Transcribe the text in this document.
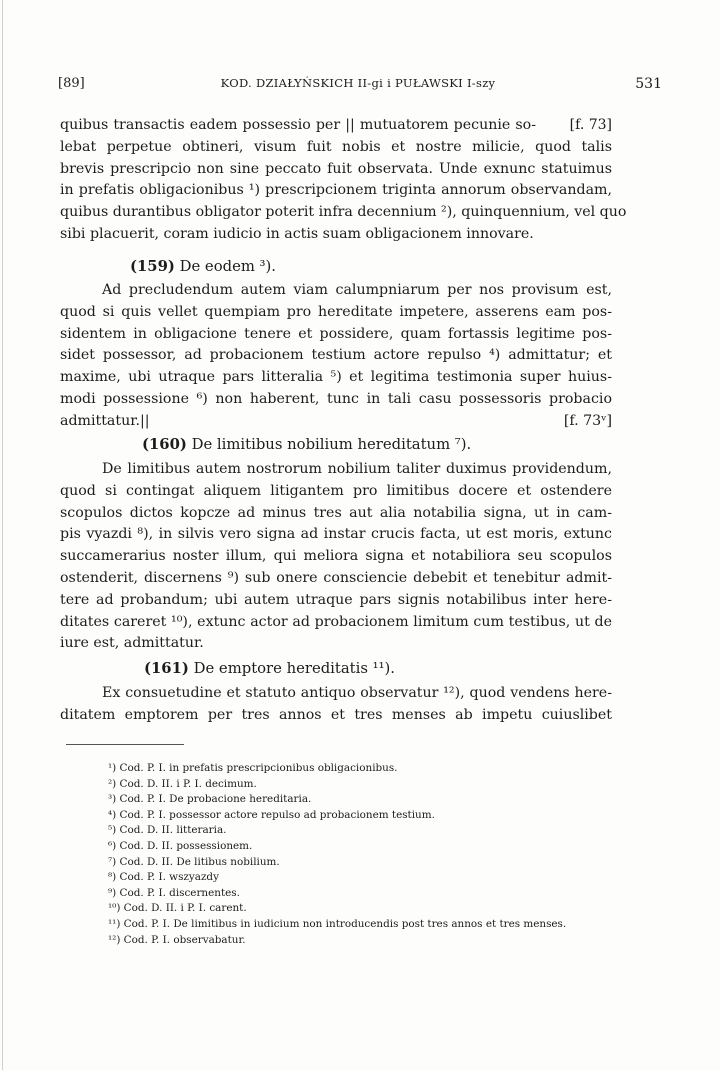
[89]	KOD. DZIAŁYŃSKICH II-gi i PUŁAWSKI I-szy	531
quibus transactis eadem possessio per || mutuatorem pecunie so- [f. 73]
lebat perpetue obtineri, visum fuit nobis et nostre milicie, quod talis
brevis prescripcio non sine peccato fuit observata. Unde exnunc statuimus
in prefatis obligacionibus ¹) prescripcionem triginta annorum observandam,
quibus durantibus obligator poterit infra decennium ²), quinquennium, vel quo
sibi placuerit, coram iudicio in actis suam obligacionem innovare.
(159) De eodem ³).
Ad precludendum autem viam calumpniarum per nos provisum est,
quod si quis vellet quempiam pro hereditate impetere, asserens eam pos-
sidentem in obligacione tenere et possidere, quam fortassis legitime pos-
sidet possessor, ad probacionem testium actore repulso ⁴) admittatur; et
maxime, ubi utraque pars litteralia ⁵) et legitima testimonia super huius-
modi possessione ⁶) non haberent, tunc in tali casu possessoris probacio
admittatur.||	[f. 73ᵛ]
(160) De limitibus nobilium hereditatum ⁷).
De limitibus autem nostrorum nobilium taliter duximus providendum,
quod si contingat aliquem litigantem pro limitibus docere et ostendere
scopulos dictos kopcze ad minus tres aut alia notabilia signa, ut in cam-
pis vyazdi ⁸), in silvis vero signa ad instar crucis facta, ut est moris, extunc
succamerarius noster illum, qui meliora signa et notabiliora seu scopulos
ostenderit, discernens ⁹) sub onere consciencie debebit et tenebitur admit-
tere ad probandum; ubi autem utraque pars signis notabilibus inter here-
ditates careret ¹⁰), extunc actor ad probacionem limitum cum testibus, ut de
iure est, admittatur.
(161) De emptore hereditatis ¹¹).
Ex consuetudine et statuto antiquo observatur ¹²), quod vendens here-
ditatem emptorem per tres annos et tres menses ab impetu cuiuslibet
¹) Cod. P. I. in prefatis prescripcionibus obligacionibus.
²) Cod. D. II. i P. I. decimum.
³) Cod. P. I. De probacione hereditaria.
⁴) Cod. P. I. possessor actore repulso ad probacionem testium.
⁵) Cod. D. II. litteraria.
⁶) Cod. D. II. possessionem.
⁷) Cod. D. II. De litibus nobilium.
⁸) Cod. P. I. wszyazdy
⁹) Cod. P. I. discernentes.
¹⁰) Cod. D. II. i P. I. carent.
¹¹) Cod. P. I. De limitibus in iudicium non introducendis post tres annos et tres menses.
¹²) Cod. P. I. observabatur.
